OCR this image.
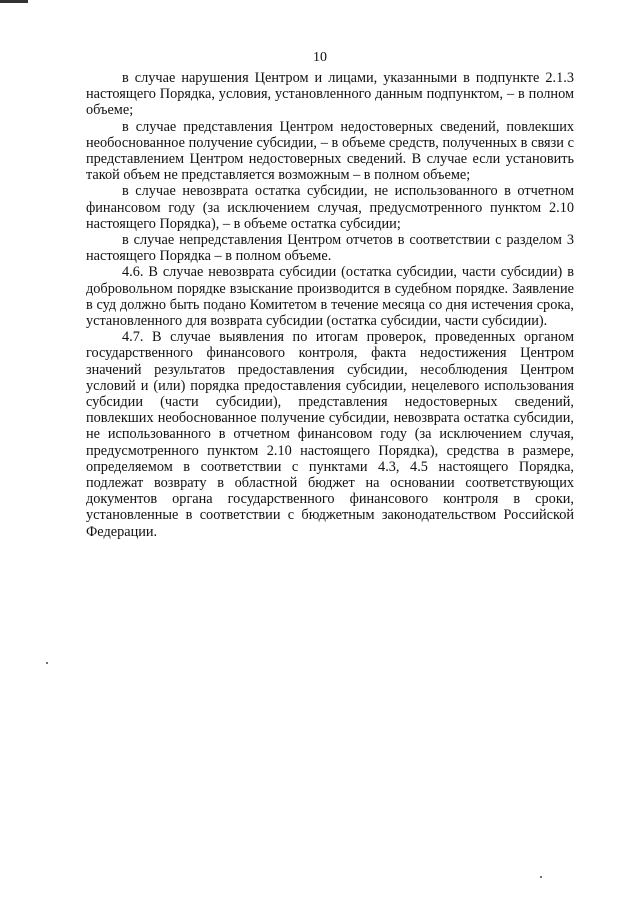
10

в случае нарушения Центром и лицами, указанными в подпункте 2.1.3 настоящего Порядка, условия, установленного данным подпунктом, – в полном объеме;

в случае представления Центром недостоверных сведений, повлекших необоснованное получение субсидии, – в объеме средств, полученных в связи с представлением Центром недостоверных сведений. В случае если установить такой объем не представляется возможным – в полном объеме;

в случае невозврата остатка субсидии, не использованного в отчетном финансовом году (за исключением случая, предусмотренного пунктом 2.10 настоящего Порядка), – в объеме остатка субсидии;

в случае непредставления Центром отчетов в соответствии с разделом 3 настоящего Порядка – в полном объеме.

4.6. В случае невозврата субсидии (остатка субсидии, части субсидии) в добровольном порядке взыскание производится в судебном порядке. Заявление в суд должно быть подано Комитетом в течение месяца со дня истечения срока, установленного для возврата субсидии (остатка субсидии, части субсидии).

4.7. В случае выявления по итогам проверок, проведенных органом государственного финансового контроля, факта недостижения Центром значений результатов предоставления субсидии, несоблюдения Центром условий и (или) порядка предоставления субсидии, нецелевого использования субсидии (части субсидии), представления недостоверных сведений, повлекших необоснованное получение субсидии, невозврата остатка субсидии, не использованного в отчетном финансовом году (за исключением случая, предусмотренного пунктом 2.10 настоящего Порядка), средства в размере, определяемом в соответствии с пунктами 4.3, 4.5 настоящего Порядка, подлежат возврату в областной бюджет на основании соответствующих документов органа государственного финансового контроля в сроки, установленные в соответствии с бюджетным законодательством Российской Федерации.
